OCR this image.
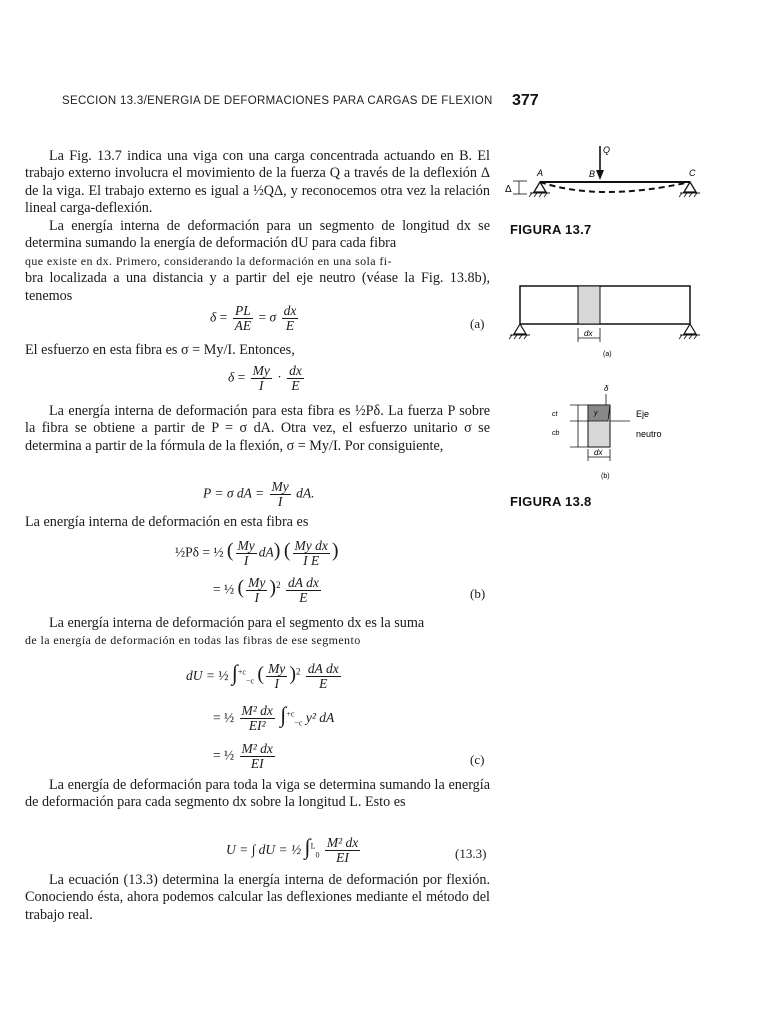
SECCION 13.3/ENERGIA DE DEFORMACIONES PARA CARGAS DE FLEXION 377

La Fig. 13.7 indica una viga con una carga concentrada actuando en B. El trabajo externo involucra el movimiento de la fuerza Q a través de la deflexión Δ de la viga. El trabajo externo es igual a ½QΔ, y reconocemos otra vez la relación lineal carga-deflexión.

La energía interna de deformación para un segmento de longitud dx se determina sumando la energía de deformación dU para cada fibra

que existe en dx. Primero, considerando la deformación en una sola fi-

bra localizada a una distancia y a partir del eje neutro (véase la Fig. 13.8b), tenemos

$\delta = \frac{PL}{AE} = \sigma \frac{dx}{E}$	(a)

El esfuerzo en esta fibra es σ = My/I. Entonces,

$\delta = \frac{My}{I} \cdot \frac{dx}{E}$

La energía interna de deformación para esta fibra es ½Pδ. La fuerza P sobre la fibra se obtiene a partir de P = σ dA. Otra vez, el esfuerzo unitario σ se determina a partir de la fórmula de la flexión, σ = My/I. Por consiguiente,

P = σ dA = $\frac{My}{I}$ dA.

La energía interna de deformación en esta fibra es

½Pδ = ½ ( $\frac{My}{I} dA$) ( $\frac{\text{My dx}}{\text{I E}}$ )
= ½ ( $\frac{My}{I} )^2 \frac{\text{dA dx}}{E}$	(b)

La energía interna de deformación para el segmento dx es la suma

de la energía de deformación en todas las fibras de ese segmento

dU = ½ ∫$^{+c}_{-c}$ ( $\frac{My}{I} )^2 \frac{\text{dA dx}}{E}$
= ½ $\frac{\text{M² dx}}{\text{EI²}} \int^{+c}_{-c}$ y² dA
= ½ $\frac{\text{M² dx}}{EI}$	(c)

La energía de deformación para toda la viga se determina sumando la energía de deformación para cada segmento dx sobre la longitud L. Esto es

U = ∫ dU = ½ $\int^L_0 \frac{\text{M² dx}}{EI}$	(13.3)

La ecuación (13.3) determina la energía interna de deformación por flexión. Conociendo ésta, ahora podemos calcular las deflexiones mediante el método del trabajo real.

Q
A	B	C
Δ
FIGURA 13.7
dx
(a)
δ
ct
cb
y	Eje
neutro
dx
(b)
FIGURA 13.8
